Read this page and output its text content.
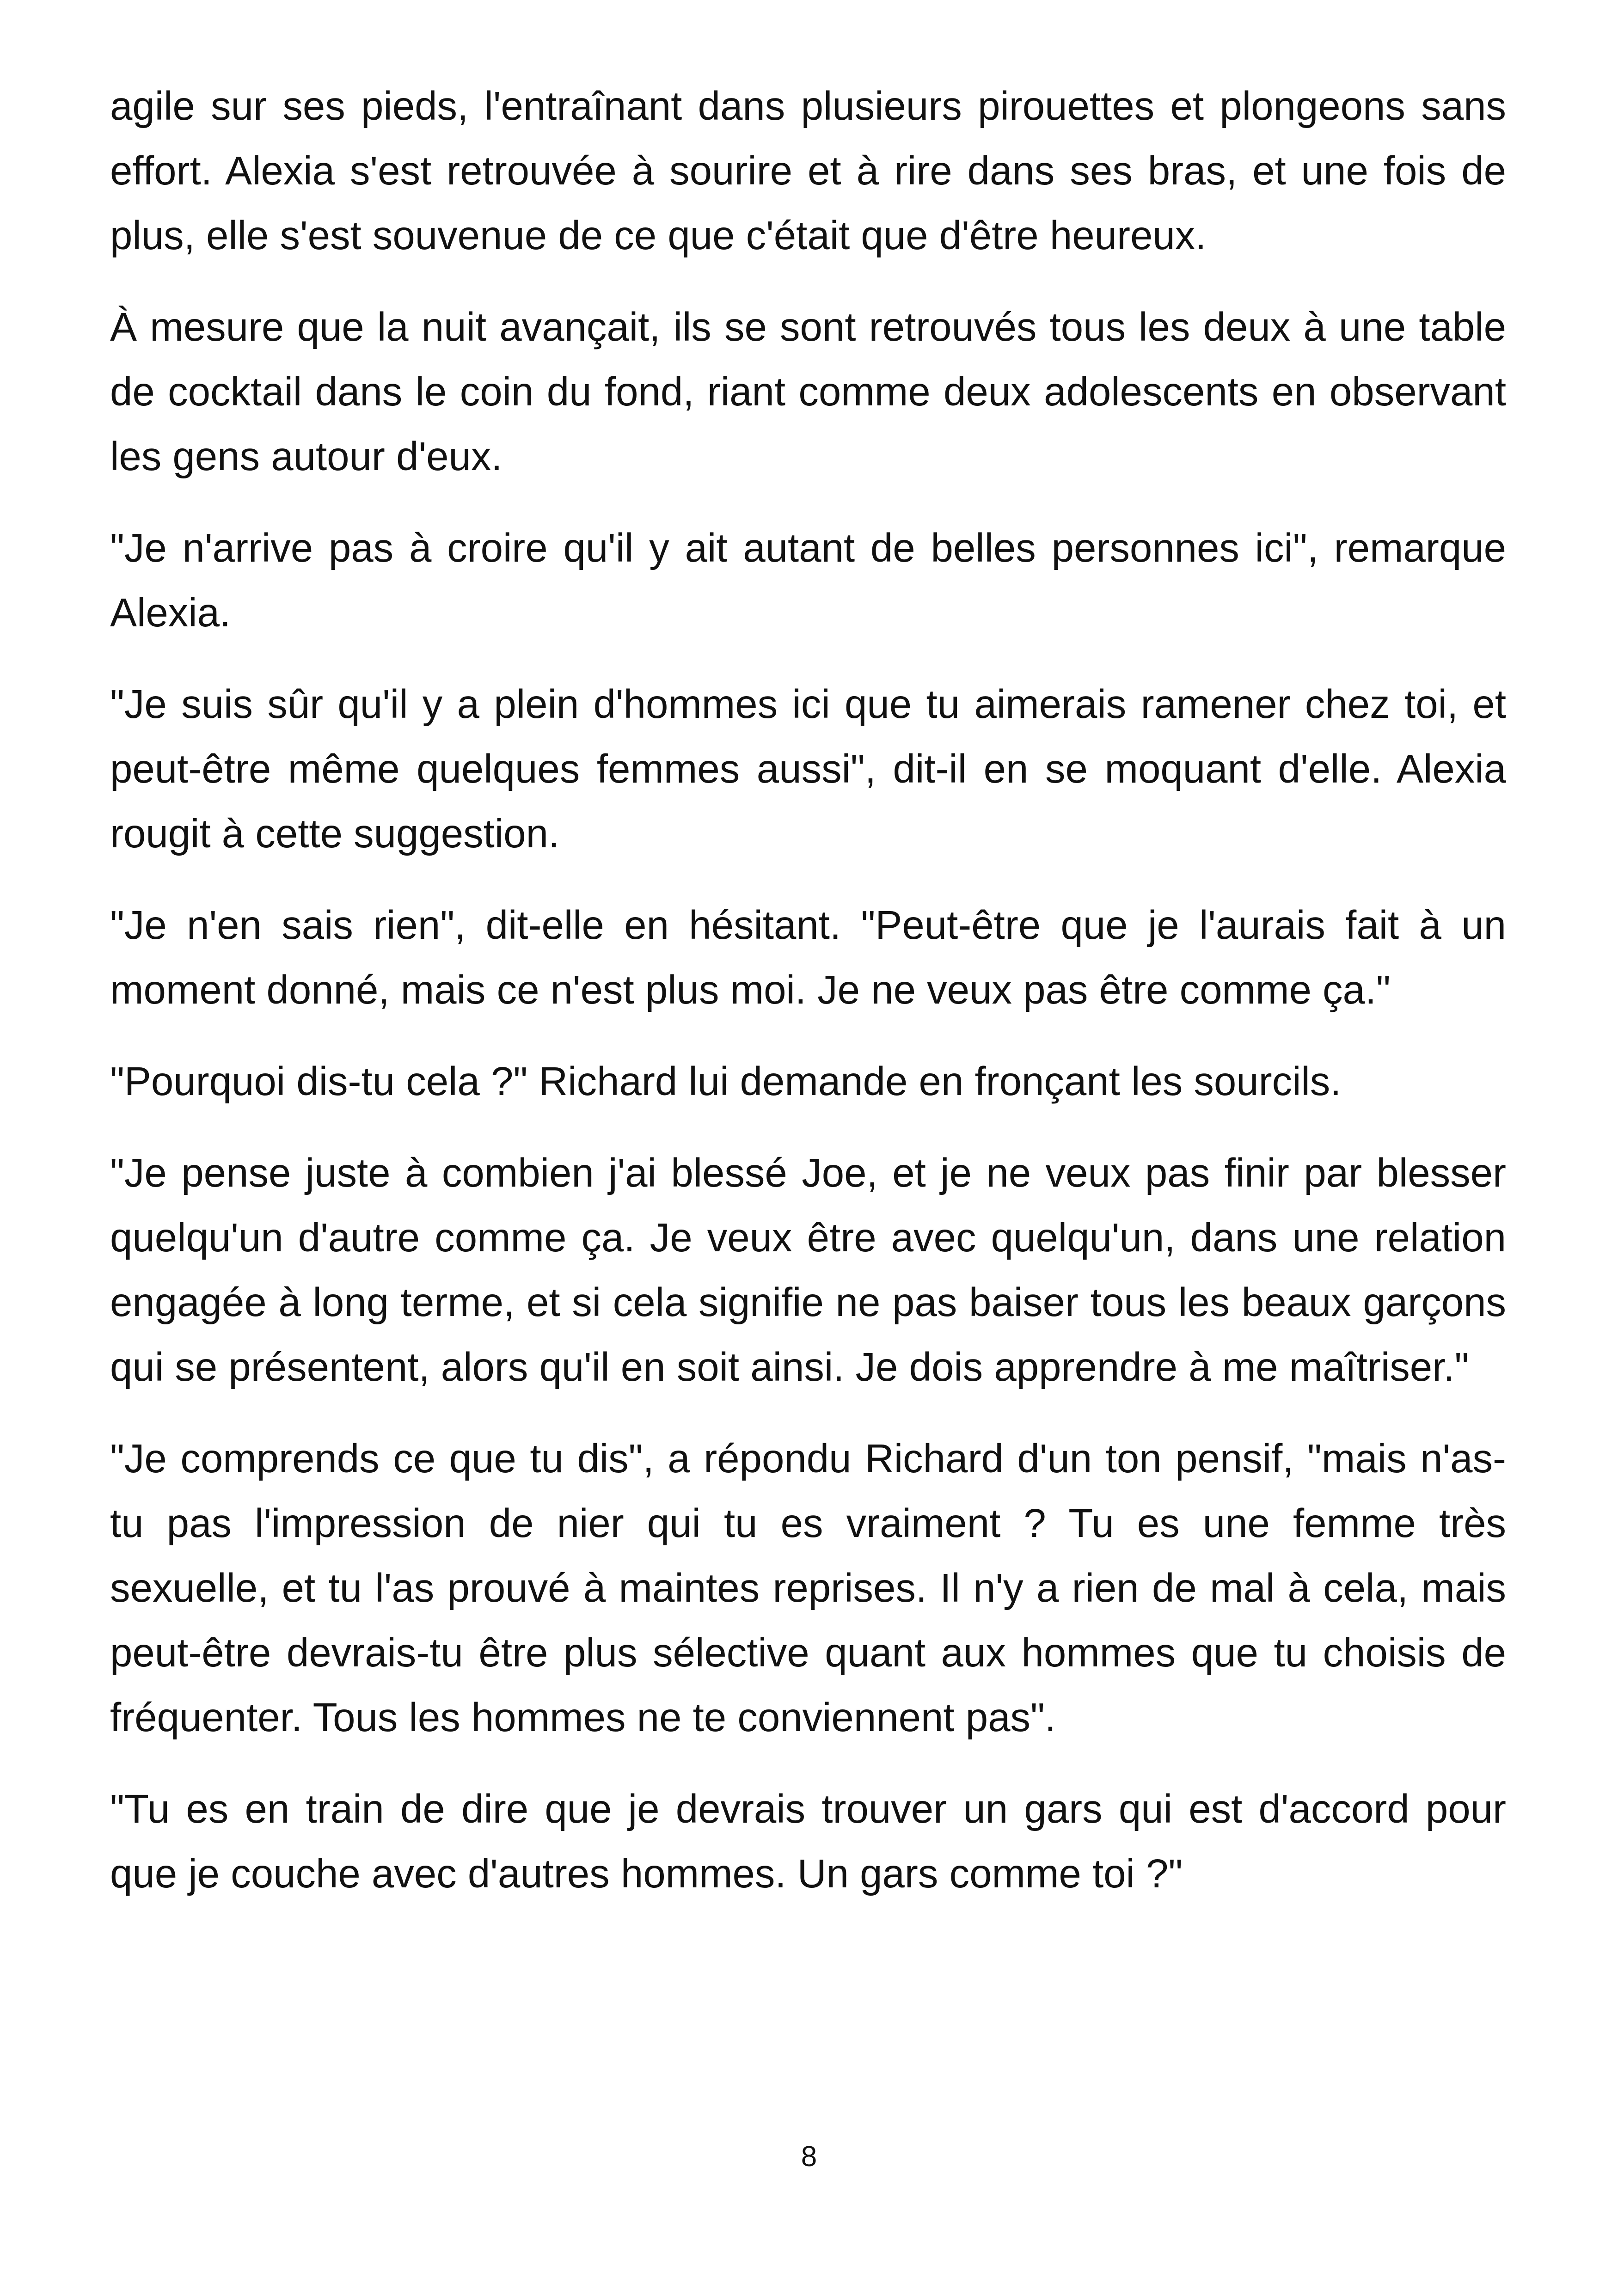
agile sur ses pieds, l'entraînant dans plusieurs pirouettes et plongeons sans effort. Alexia s'est retrouvée à sourire et à rire dans ses bras, et une fois de plus, elle s'est souvenue de ce que c'était que d'être heureux.

À mesure que la nuit avançait, ils se sont retrouvés tous les deux à une table de cocktail dans le coin du fond, riant comme deux adolescents en observant les gens autour d'eux.

"Je n'arrive pas à croire qu'il y ait autant de belles personnes ici", remarque Alexia.

"Je suis sûr qu'il y a plein d'hommes ici que tu aimerais ramener chez toi, et peut-être même quelques femmes aussi", dit-il en se moquant d'elle. Alexia rougit à cette suggestion.

"Je n'en sais rien", dit-elle en hésitant. "Peut-être que je l'aurais fait à un moment donné, mais ce n'est plus moi. Je ne veux pas être comme ça."

"Pourquoi dis-tu cela ?" Richard lui demande en fronçant les sourcils.

"Je pense juste à combien j'ai blessé Joe, et je ne veux pas finir par blesser quelqu'un d'autre comme ça. Je veux être avec quelqu'un, dans une relation engagée à long terme, et si cela signifie ne pas baiser tous les beaux garçons qui se présentent, alors qu'il en soit ainsi. Je dois apprendre à me maîtriser."

"Je comprends ce que tu dis", a répondu Richard d'un ton pensif, "mais n'as-tu pas l'impression de nier qui tu es vraiment ? Tu es une femme très sexuelle, et tu l'as prouvé à maintes reprises. Il n'y a rien de mal à cela, mais peut-être devrais-tu être plus sélective quant aux hommes que tu choisis de fréquenter. Tous les hommes ne te conviennent pas".

"Tu es en train de dire que je devrais trouver un gars qui est d'accord pour que je couche avec d'autres hommes. Un gars comme toi ?"

8
